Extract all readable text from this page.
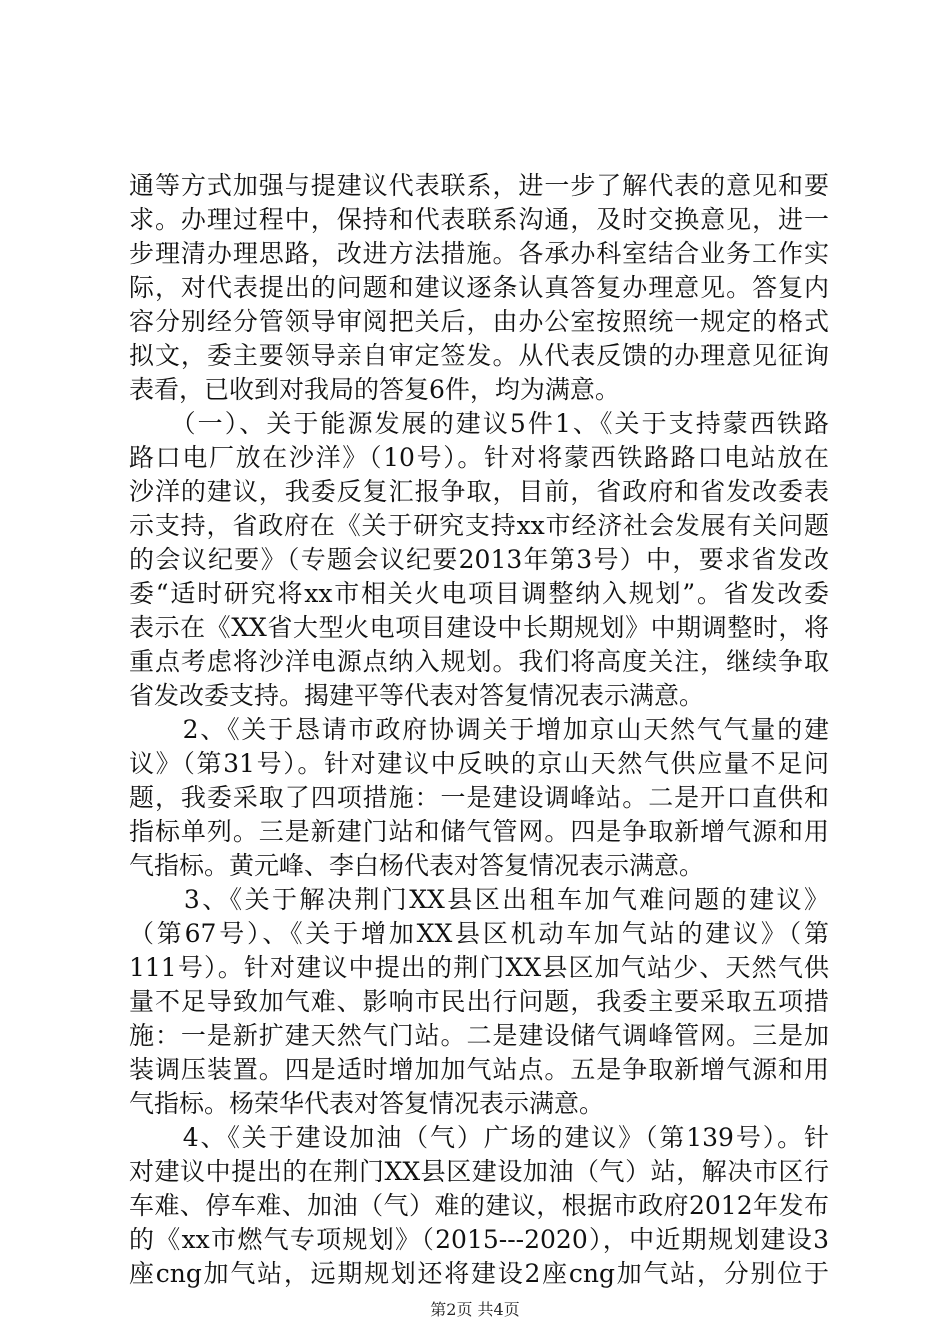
通等方式加强与提建议代表联系，进一步了解代表的意见和要
求。办理过程中，保持和代表联系沟通，及时交换意见，进一
步理清办理思路，改进方法措施。各承办科室结合业务工作实
际，对代表提出的问题和建议逐条认真答复办理意见。答复内
容分别经分管领导审阅把关后，由办公室按照统一规定的格式
拟文，委主要领导亲自审定签发。从代表反馈的办理意见征询
表看，已收到对我局的答复6件，均为满意。
　　（一）、关于能源发展的建议5件1、《关于支持蒙西铁路
路口电厂放在沙洋》（10号）。针对将蒙西铁路路口电站放在
沙洋的建议，我委反复汇报争取，目前，省政府和省发改委表
示支持，省政府在《关于研究支持xx市经济社会发展有关问题
的会议纪要》（专题会议纪要2013年第3号）中，要求省发改
委“适时研究将xx市相关火电项目调整纳入规划”。省发改委
表示在《XX省大型火电项目建设中长期规划》中期调整时，将
重点考虑将沙洋电源点纳入规划。我们将高度关注，继续争取
省发改委支持。揭建平等代表对答复情况表示满意。
　　2、《关于恳请市政府协调关于增加京山天然气气量的建
议》（第31号）。针对建议中反映的京山天然气供应量不足问
题，我委采取了四项措施：一是建设调峰站。二是开口直供和
指标单列。三是新建门站和储气管网。四是争取新增气源和用
气指标。黄元峰、李白杨代表对答复情况表示满意。
　　3、《关于解决荆门XX县区出租车加气难问题的建议》
（第67号）、《关于增加XX县区机动车加气站的建议》（第
111号）。针对建议中提出的荆门XX县区加气站少、天然气供
量不足导致加气难、影响市民出行问题，我委主要采取五项措
施：一是新扩建天然气门站。二是建设储气调峰管网。三是加
装调压装置。四是适时增加加气站点。五是争取新增气源和用
气指标。杨荣华代表对答复情况表示满意。
　　4、《关于建设加油（气）广场的建议》（第139号）。针
对建议中提出的在荆门XX县区建设加油（气）站，解决市区行
车难、停车难、加油（气）难的建议，根据市政府2012年发布
的《xx市燃气专项规划》（2015---2020），中近期规划建设3
座cng加气站，远期规划还将建设2座cng加气站，分别位于
第2页 共4页
